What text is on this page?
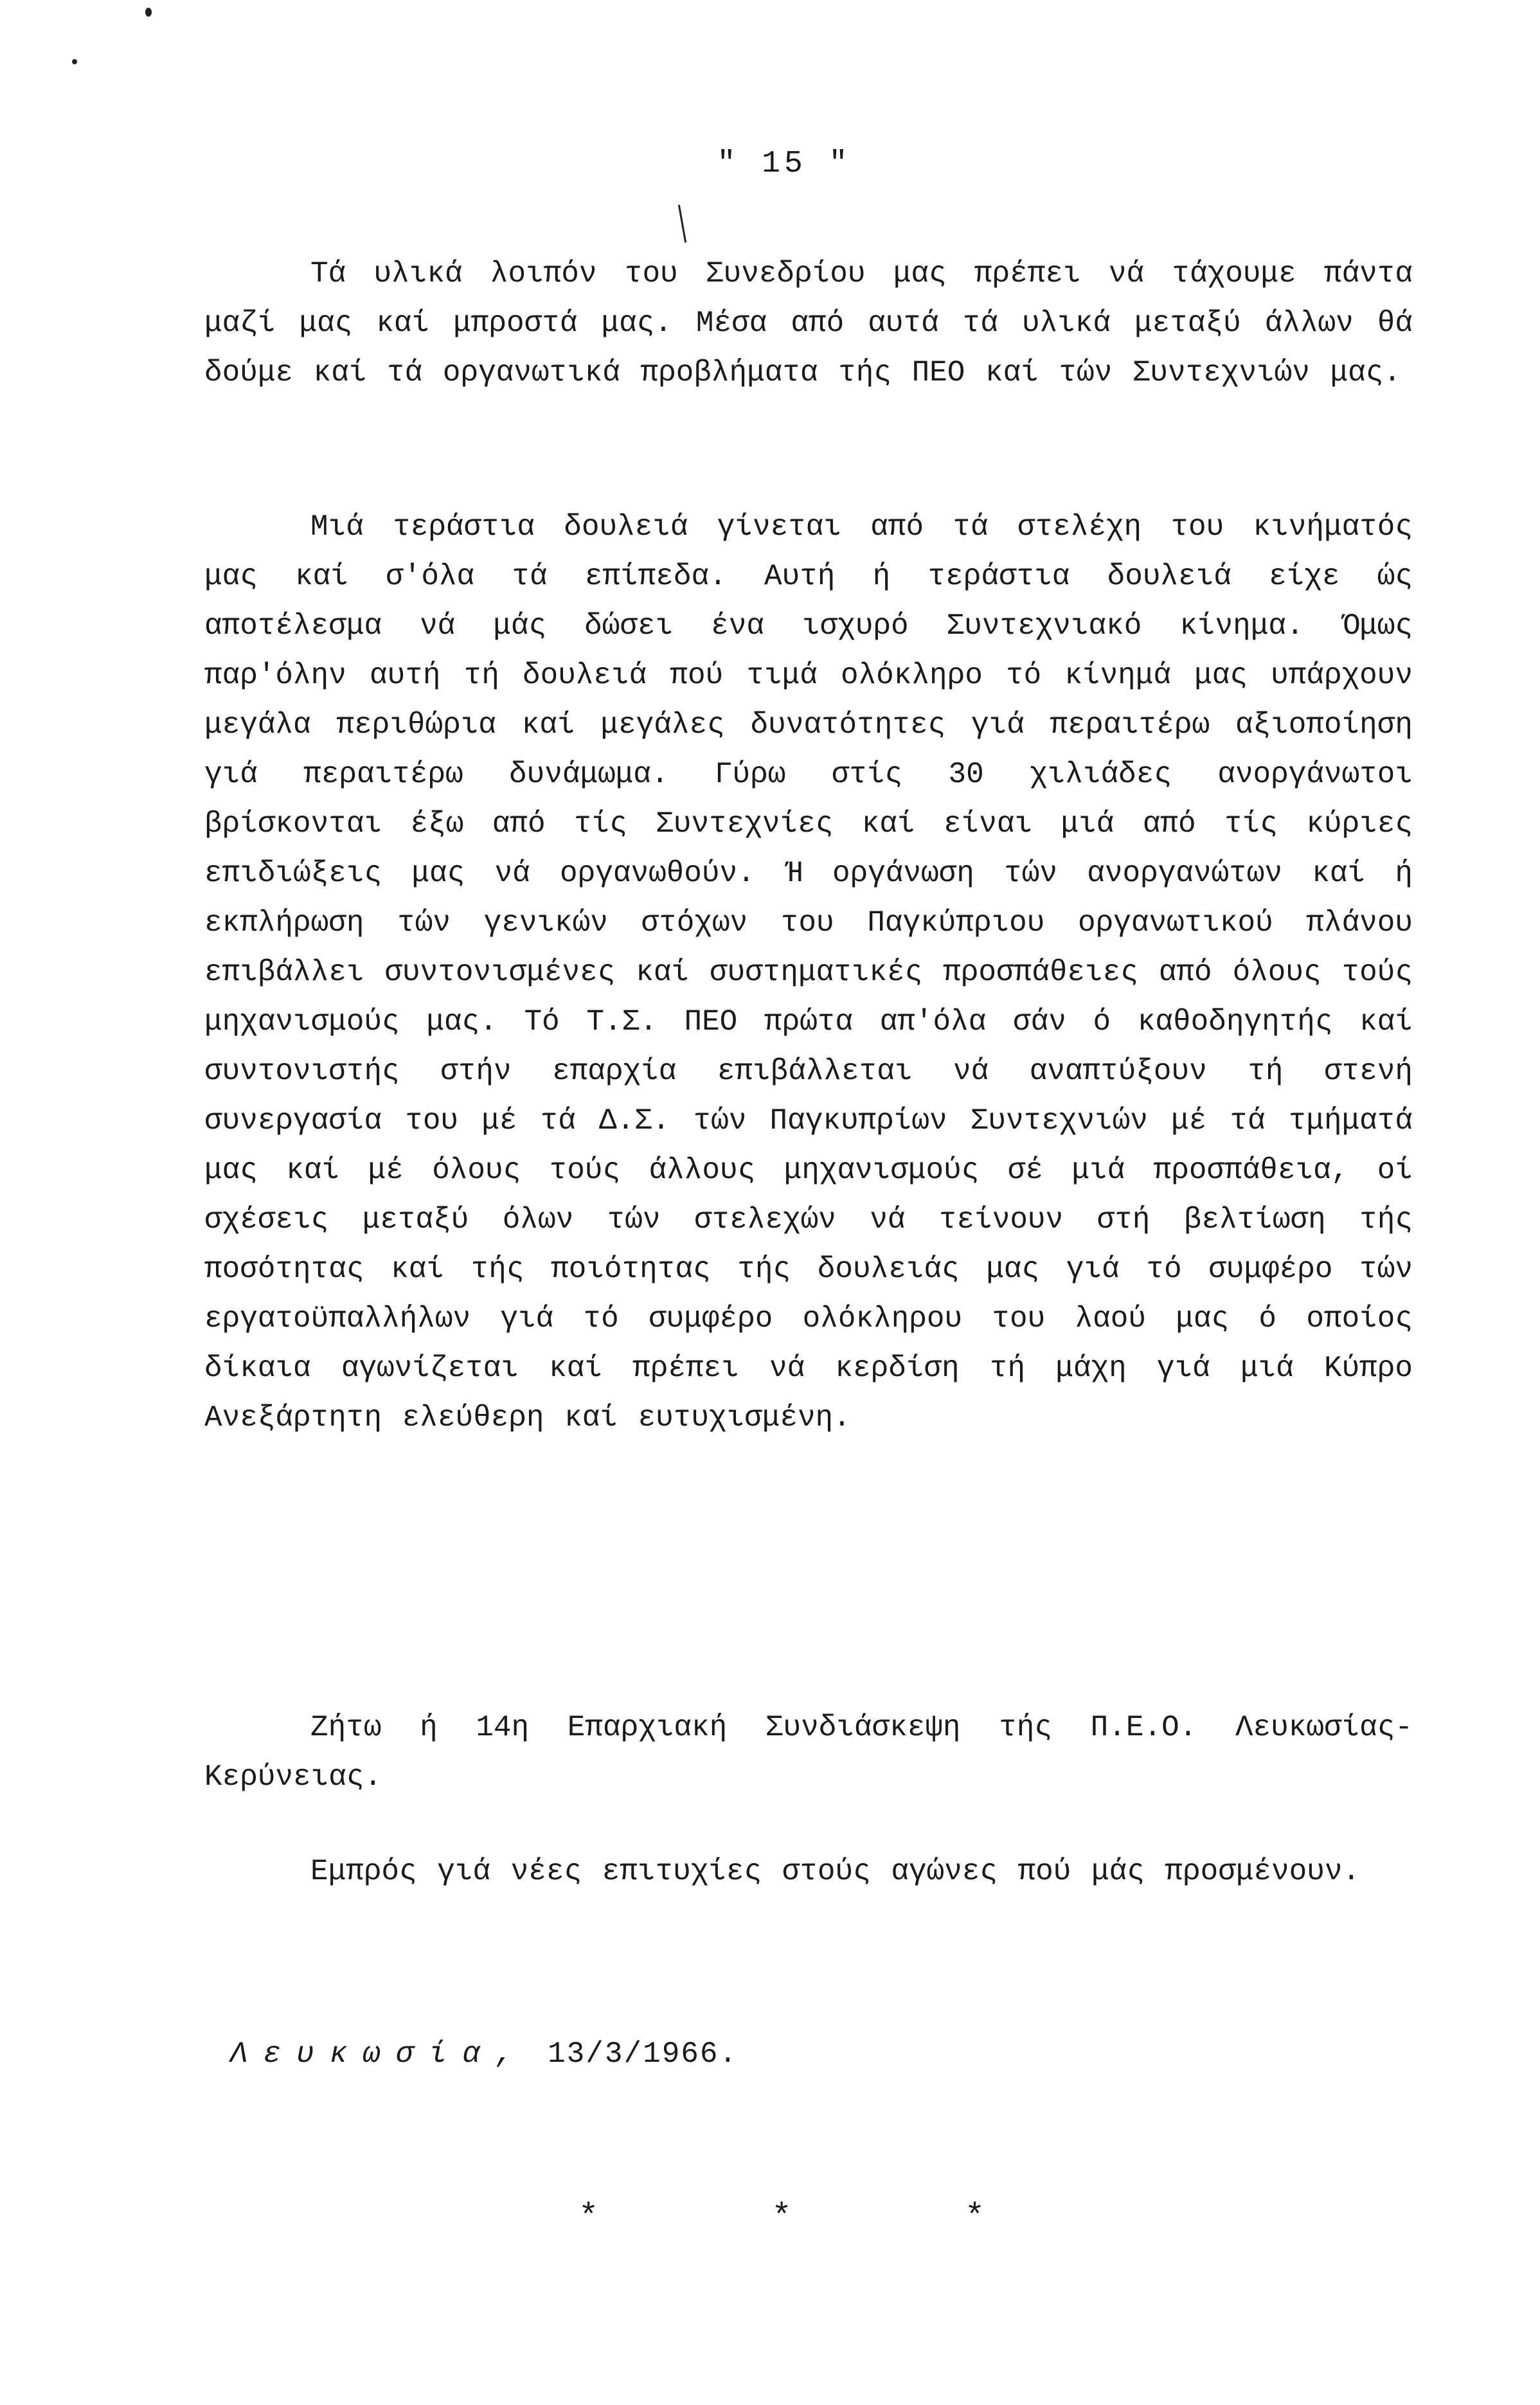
" 15 "

Τά υλικά λοιπόν του Συνεδρίου μας πρέπει νά τάχουμε πάντα μαζί μας καί μπροστά μας. Μέσα από αυτά τά υλικά μεταξύ άλλων θά δούμε καί τά οργανωτικά προβλήματα τής ΠΕΟ καί τών Συντεχνιών μας.

Μιά τεράστια δουλειά γίνεται από τά στελέχη του κινήματός μας καί σ'όλα τά επίπεδα. Αυτή ή τεράστια δουλειά είχε ώς αποτέλεσμα νά μάς δώσει ένα ισχυρό Συντεχνιακό κίνημα. Όμως παρ'όλην αυτή τή δουλειά πού τιμά ολόκληρο τό κίνημά μας υπάρχουν μεγάλα περιθώρια καί μεγάλες δυνατότητες γιά περαιτέρω αξιοποίηση γιά περαιτέρω δυνάμωμα. Γύρω στίς 30 χιλιάδες ανοργάνωτοι βρίσκονται έξω από τίς Συντεχνίες καί είναι μιά από τίς κύριες επιδιώξεις μας νά οργανωθούν. Ή οργάνωση τών ανοργανώτων καί ή εκπλήρωση τών γενικών στόχων του Παγκύπριου οργανωτικού πλάνου επιβάλλει συντονισμένες καί συστηματικές προσπάθειες από όλους τούς μηχανισμούς μας. Τό Τ.Σ. ΠΕΟ πρώτα απ'όλα σάν ό καθοδηγητής καί συντονιστής στήν επαρχία επιβάλλεται νά αναπτύξουν τή στενή συνεργασία του μέ τά Δ.Σ. τών Παγκυπρίων Συντεχνιών μέ τά τμήματά μας καί μέ όλους τούς άλλους μηχανισμούς σέ μιά προσπάθεια, οί σχέσεις μεταξύ όλων τών στελεχών νά τείνουν στή βελτίωση τής ποσότητας καί τής ποιότητας τής δουλειάς μας γιά τό συμφέρο τών εργατοϋπαλλήλων γιά τό συμφέρο ολόκληρου του λαού μας ό οποίος δίκαια αγωνίζεται καί πρέπει νά κερδίση τή μάχη γιά μιά Κύπρο Ανεξάρτητη ελεύθερη καί ευτυχισμένη.

Ζήτω ή 14η Επαρχιακή Συνδιάσκεψη τής Π.Ε.Ο. Λευκωσίας-Κερύνειας.

Εμπρός γιά νέες επιτυχίες στούς αγώνες πού μάς προσμένουν.

Λευκωσία, 13/3/1966.
*	*	*
